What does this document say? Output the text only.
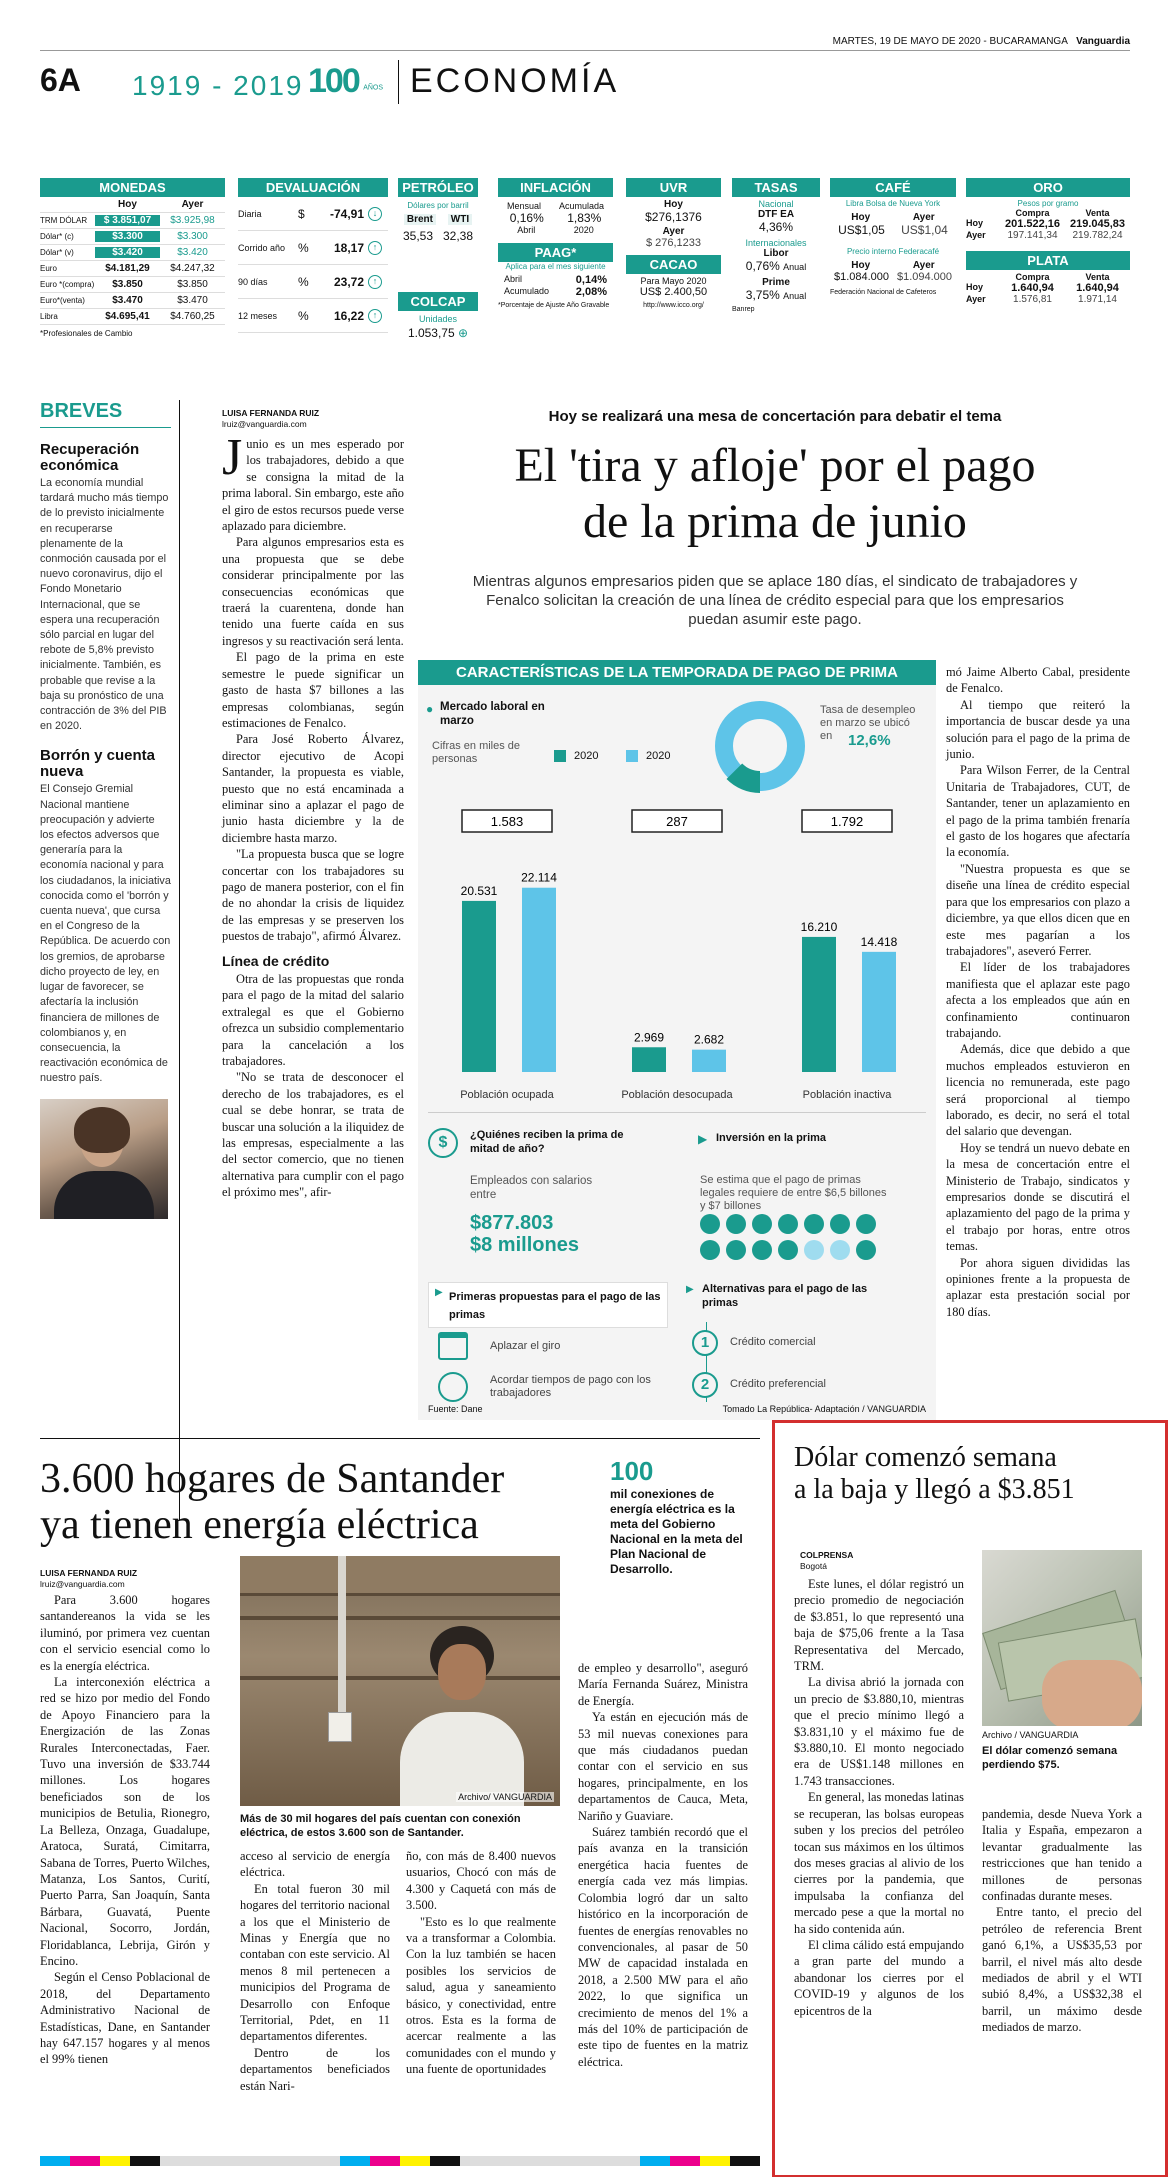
MARTES, 19 DE MAYO DE 2020 - BUCARAMANGA Vanguardia
6A 1919 - 2019 100 AÑOS ECONOMÍA
MONEDAS
Hoy	Ayer
TRM DÓLAR	$ 3.851,07	$3.925,98
Dólar* (c)	$3.300	$3.300
Dólar* (v)	$3.420	$3.420
Euro	$4.181,29	$4.247,32
Euro *(compra)	$3.850	$3.850
Euro*(venta)	$3.470	$3.470
Libra	$4.695,41	$4.760,25
*Profesionales de Cambio
DEVALUACIÓN
Diaria	$	-74,91 ↓
Corrido año	%	18,17 ↑
90 días	%	23,72 ↑
12 meses	%	16,22 ↑
PETRÓLEO
Dólares por barril
Brent	WTI
35,53 32,38
COLCAP
Unidades
1.053,75 ⊕
INFLACIÓN
Mensual Acumulada
0,16% 1,83%
Abril	2020
PAAG*
Aplica para el mes siguiente
Abril	0,14%
Acumulado 2,08%
*Porcentaje de Ajuste Año Gravable
UVR
Hoy
$276,1376
Ayer
$ 276,1233
CACAO
Para Mayo 2020
US$ 2.400,50
http://www.icco.org/
TASAS
Nacional
DTF EA
4,36%
Internacionales
Libor
0,76% Anual
Prime
3,75% Anual
Banrep
CAFÉ
Libra Bolsa de Nueva York
Hoy	Ayer
US$1,05 US$1,04
Precio interno Federacafé
Hoy	Ayer
$1.084.000 $1.094.000
Federación Nacional de Cafeteros
ORO
Pesos por gramo
Compra	Venta
Hoy	201.522,16 219.045,83
Ayer	197.141,34	219.782,24
PLATA
Compra	Venta
Hoy	1.640,94	1.640,94
Ayer	1.576,81	1.971,14
BREVES
Recuperación económica
La economía mundial tardará mucho más tiempo de lo previsto inicialmente en recuperarse plenamente de la conmoción causada por el nuevo coronavirus, dijo el Fondo Monetario Internacional, que se espera una recuperación sólo parcial en lugar del rebote de 5,8% previsto inicialmente. También, es probable que revise a la baja su pronóstico de una contracción de 3% del PIB en 2020.
Borrón y cuenta nueva
El Consejo Gremial Nacional mantiene preocupación y advierte los efectos adversos que generaría para la economía nacional y para los ciudadanos, la iniciativa conocida como el 'borrón y cuenta nueva', que cursa en el Congreso de la República. De acuerdo con los gremios, de aprobarse dicho proyecto de ley, en lugar de favorecer, se afectaría la inclusión financiera de millones de colombianos y, en consecuencia, la reactivación económica de nuestro país.
LUISA FERNANDA RUIZ
lruiz@vanguardia.com	Hoy se realizará una mesa de concertación para debatir el tema
El 'tira y afloje' por el pago
de la prima de junio
Mientras algunos empresarios piden que se aplace 180 días, el sindicato de trabajadores y Fenalco solicitan la creación de una línea de crédito especial para que los empresarios puedan asumir este pago.

Junio es un mes esperado por los trabajadores, debido a que se consigna la mitad de la prima laboral. Sin embargo, este año el giro de estos recursos puede verse aplazado para diciembre.

Para algunos empresarios esta es una propuesta que se debe considerar principalmente por las consecuencias económicas que traerá la cuarentena, donde han tenido una fuerte caída en sus ingresos y su reactivación será lenta.

El pago de la prima en este semestre le puede significar un gasto de hasta $7 billones a las empresas colombianas, según estimaciones de Fenalco.

Para José Roberto Álvarez, director ejecutivo de Acopi Santander, la propuesta es viable, puesto que no está encaminada a eliminar sino a aplazar el pago de junio hasta diciembre y la de diciembre hasta marzo.

"La propuesta busca que se logre concertar con los trabajadores su pago de manera posterior, con el fin de no ahondar la crisis de liquidez de las empresas y se preserven los puestos de trabajo", afirmó Álvarez.

Línea de crédito

Otra de las propuestas que ronda para el pago de la mitad del salario extralegal es que el Gobierno ofrezca un subsidio complementario para la cancelación a los trabajadores.

"No se trata de desconocer el derecho de los trabajadores, es el cual se debe honrar, se trata de buscar una solución a la iliquidez de las empresas, especialmente a las del sector comercio, que no tienen alternativa para cumplir con el pago el próximo mes", afir-

mó Jaime Alberto Cabal, presidente de Fenalco.

Al tiempo que reiteró la importancia de buscar desde ya una solución para el pago de la prima de junio.

Para Wilson Ferrer, de la Central Unitaria de Trabajadores, CUT, de Santander, tener un aplazamiento en el pago de la prima también frenaría el gasto de los hogares que afectaría la economía.

"Nuestra propuesta es que se diseñe una línea de crédito especial para que los empresarios con plazo a diciembre, ya que ellos dicen que en este mes pagarían a los trabajadores", aseveró Ferrer.

El líder de los trabajadores manifiesta que el aplazar este pago afecta a los empleados que aún en confinamiento continuaron trabajando.

Además, dice que debido a que muchos empleados estuvieron en licencia no remunerada, este pago será proporcional al tiempo laborado, es decir, no será el total del salario que devengan.

Hoy se tendrá un nuevo debate en la mesa de concertación entre el Ministerio de Trabajo, sindicatos y empresarios donde se discutirá el aplazamiento del pago de la prima y el trabajo por horas, entre otros temas.

Por ahora siguen divididas las opiniones frente a la propuesta de aplazar esta prestación social por 180 días.

CARACTERÍSTICAS DE LA TEMPORADA DE PAGO DE PRIMA
● Mercado laboral en marzo
Cifras en miles de personas	2020	2020
Tasa de desempleo en marzo se ubicó en	12,6%
1.583
20.531
22.114
Población ocupada
287
2.969 2.682
Población desocupada
1.792
16.210
14.418
Población inactiva
$	¿Quiénes reciben la prima de mitad de año?
Empleados con salarios entre
$877.803
$8 millones
▶ Inversión en la prima
Se estima que el pago de primas legales requiere de entre $6,5 billones y $7 billones
▶ Primeras propuestas para el pago de las primas
Aplazar el giro
Acordar tiempos de pago con los trabajadores
▶ Alternativas para el pago de las primas
1	Crédito comercial
2	Crédito preferencial
Fuente: Dane	Tomado La República- Adaptación / VANGUARDIA
3.600 hogares de Santander
ya tienen energía eléctrica
100
mil conexiones de energía eléctrica es la meta del Gobierno Nacional en la meta del Plan Nacional de Desarrollo.
LUISA FERNANDA RUIZ
lruiz@vanguardia.com

Para 3.600 hogares santandereanos la vida se les iluminó, por primera vez cuentan con el servicio esencial como lo es la energía eléctrica.

La interconexión eléctrica a red se hizo por medio del Fondo de Apoyo Financiero para la Energización de las Zonas Rurales Interconectadas, Faer. Tuvo una inversión de $33.744 millones. Los hogares beneficiados son de los municipios de Betulia, Rionegro, La Belleza, Onzaga, Guadalupe, Aratoca, Suratá, Cimitarra, Sabana de Torres, Puerto Wilches, Matanza, Los Santos, Curití, Puerto Parra, San Joaquín, Santa Bárbara, Guavatá, Puente Nacional, Socorro, Jordán, Floridablanca, Lebrija, Girón y Encino.

Según el Censo Poblacional de 2018, del Departamento Administrativo Nacional de Estadísticas, Dane, en Santander hay 647.157 hogares y al menos el 99% tienen

Archivo/ VANGUARDIA
Más de 30 mil hogares del país cuentan con conexión eléctrica, de estos 3.600 son de Santander.

acceso al servicio de energía eléctrica.

En total fueron 30 mil hogares del territorio nacional a los que el Ministerio de Minas y Energía que no contaban con este servicio. Al menos 8 mil pertenecen a municipios del Programa de Desarrollo con Enfoque Territorial, Pdet, en 11 departamentos diferentes.

Dentro de los departamentos beneficiados están Nari-

ño, con más de 8.400 nuevos usuarios, Chocó con más de 4.300 y Caquetá con más de 3.500.

"Esto es lo que realmente va a transformar a Colombia. Con la luz también se hacen posibles los servicios de salud, agua y saneamiento básico, y conectividad, entre otros. Esta es la forma de acercar realmente a las comunidades con el mundo y una fuente de oportunidades

de empleo y desarrollo", aseguró María Fernanda Suárez, Ministra de Energía.

Ya están en ejecución más de 53 mil nuevas conexiones para que más ciudadanos puedan contar con el servicio en sus hogares, principalmente, en los departamentos de Cauca, Meta, Nariño y Guaviare.

Suárez también recordó que el país avanza en la transición energética hacia fuentes de energía cada vez más limpias. Colombia logró dar un salto histórico en la incorporación de fuentes de energías renovables no convencionales, al pasar de 50 MW de capacidad instalada en 2018, a 2.500 MW para el año 2022, lo que significa un crecimiento de menos del 1% a más del 10% de participación de este tipo de fuentes en la matriz eléctrica.

Dólar comenzó semana
a la baja y llegó a $3.851
COLPRENSA
Bogotá

Este lunes, el dólar registró un precio promedio de negociación de $3.851, lo que representó una baja de $75,06 frente a la Tasa Representativa del Mercado, TRM.

La divisa abrió la jornada con un precio de $3.880,10, mientras que el precio mínimo llegó a $3.831,10 y el máximo fue de $3.880,10. El monto negociado era de US$1.148 millones en 1.743 transacciones.

En general, las monedas latinas se recuperan, las bolsas europeas suben y los precios del petróleo tocan sus máximos en los últimos dos meses gracias al alivio de los cierres por la pandemia, que impulsaba la confianza del mercado pese a que la mortal no ha sido contenida aún.

El clima cálido está empujando a gran parte del mundo a abandonar los cierres por el COVID-19 y algunos de los epicentros de la

Archivo / VANGUARDIA
El dólar comenzó semana perdiendo $75.

pandemia, desde Nueva York a Italia y España, empezaron a levantar gradualmente las restricciones que han tenido a millones de personas confinadas durante meses.

Entre tanto, el precio del petróleo de referencia Brent ganó 6,1%, a US$35,53 por barril, el nivel más alto desde mediados de abril y el WTI subió 8,4%, a US$32,38 el barril, un máximo desde mediados de marzo.
